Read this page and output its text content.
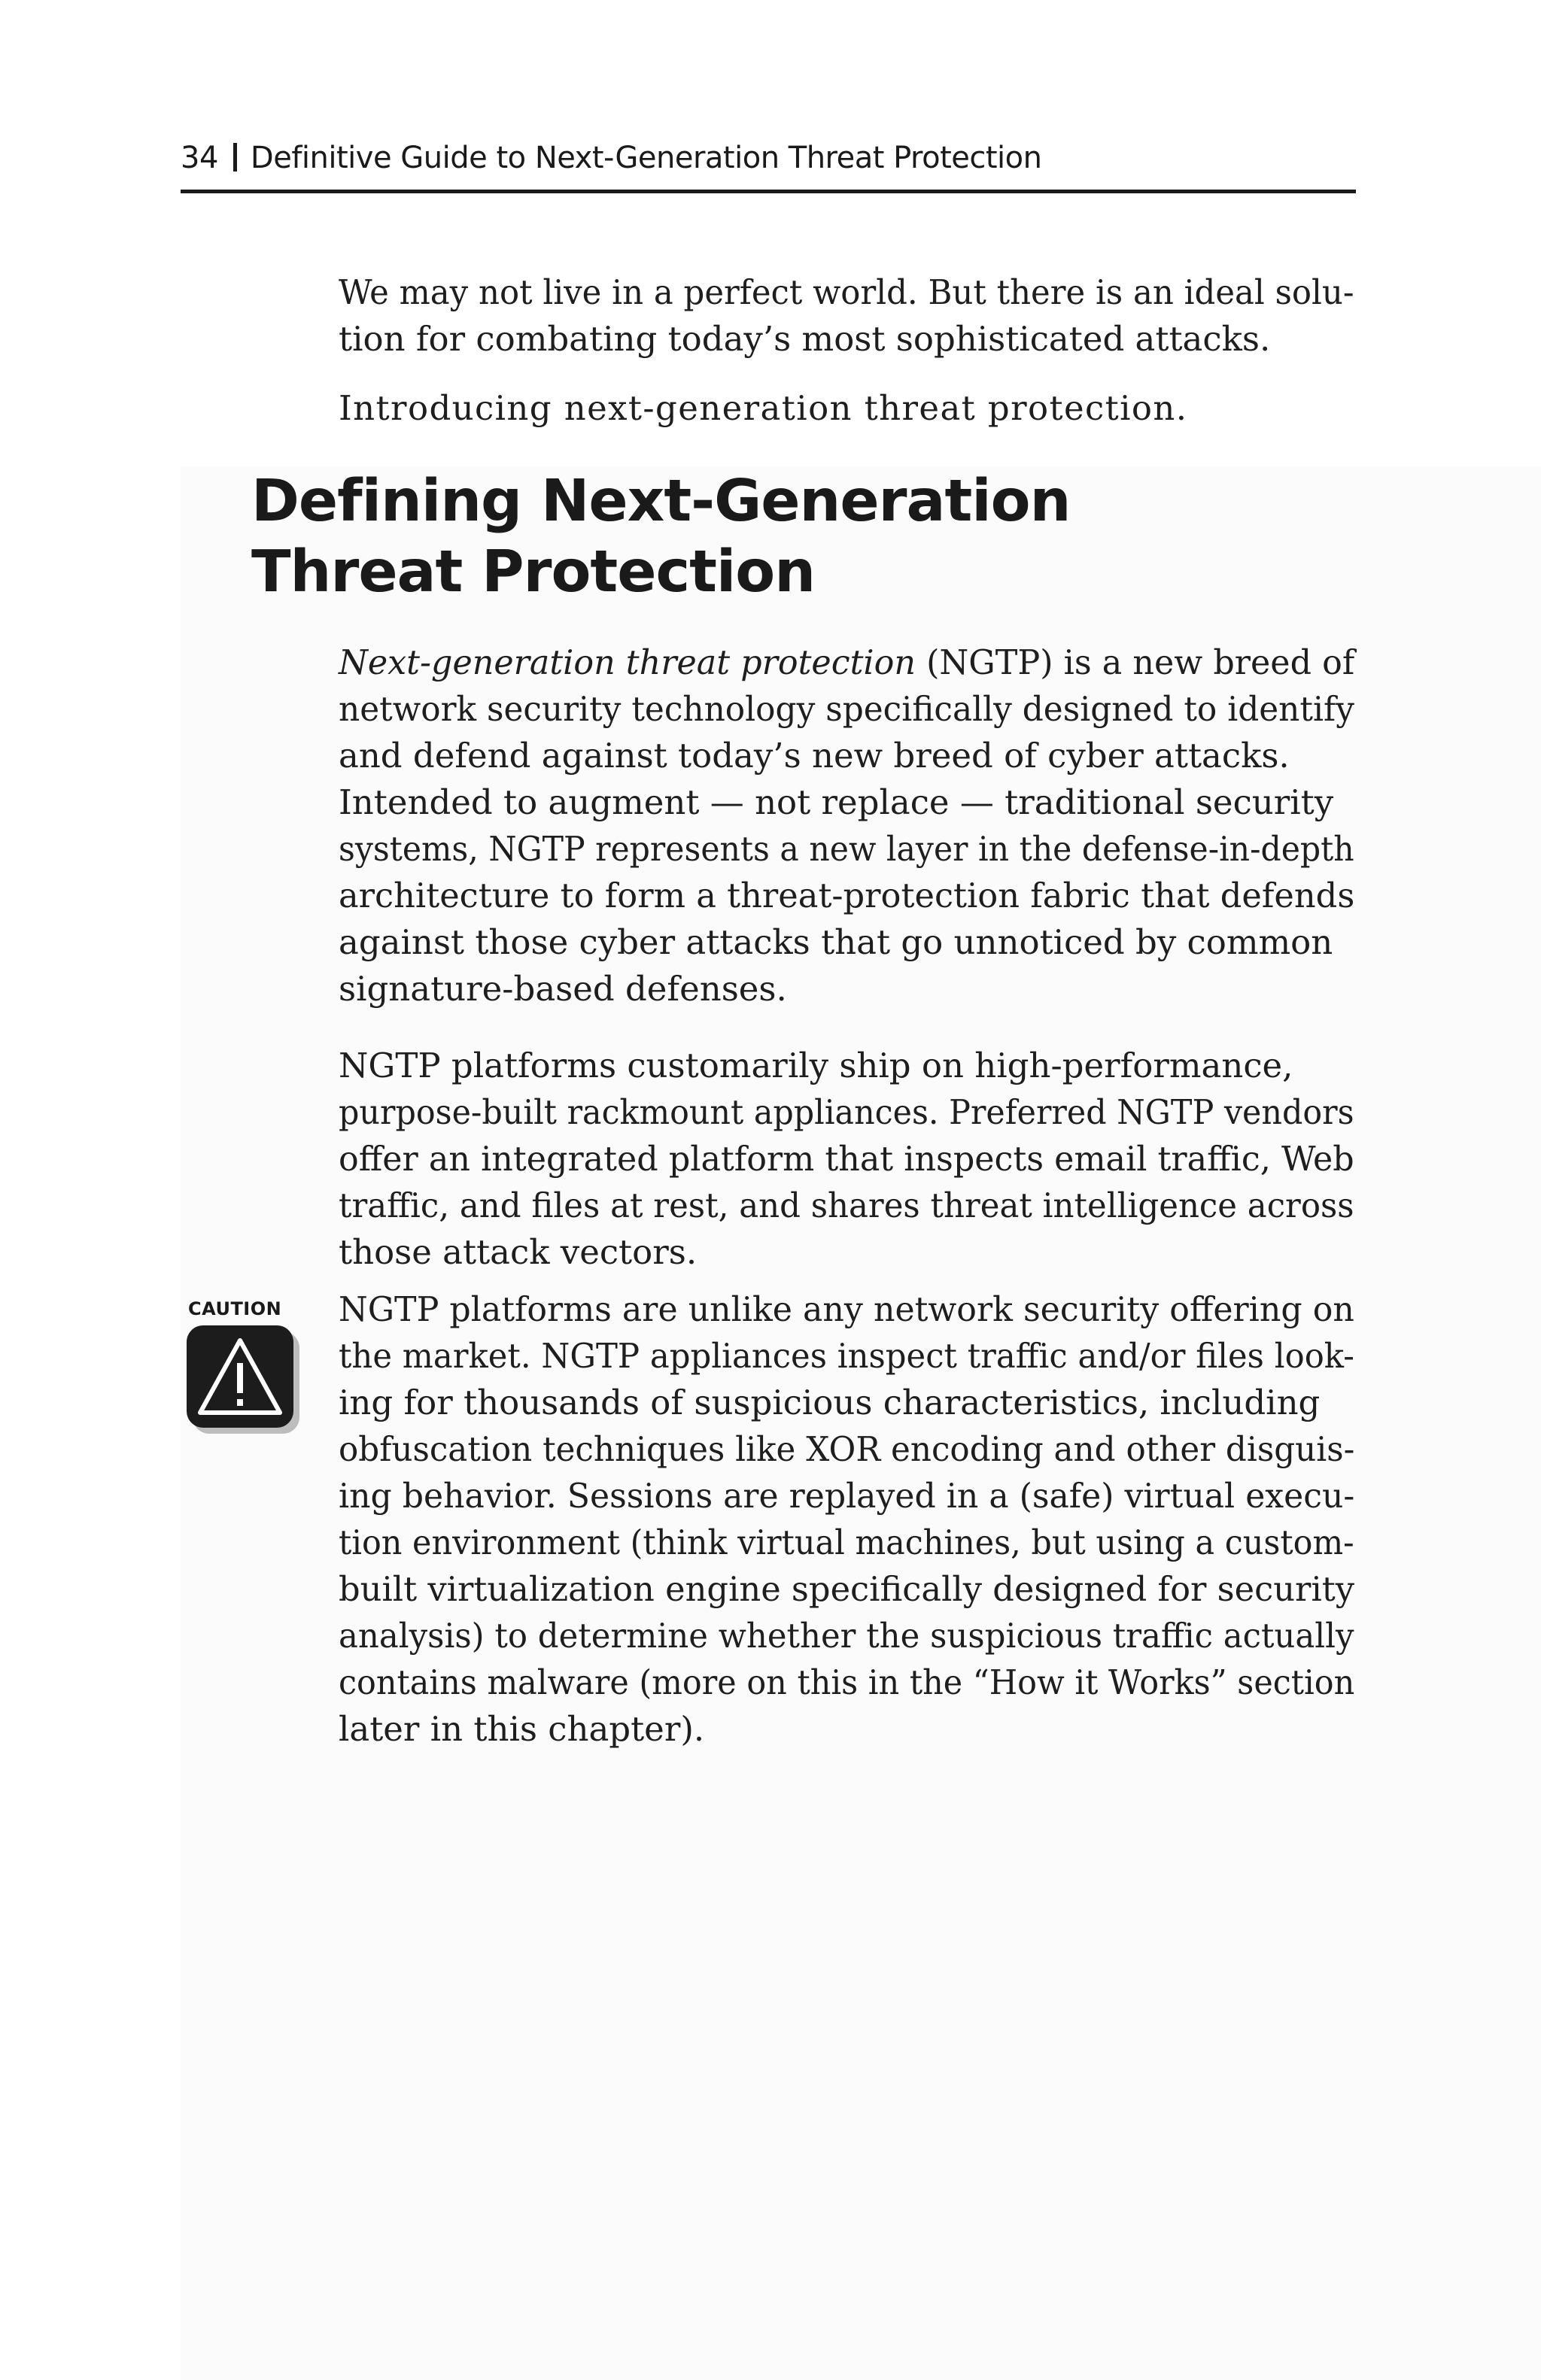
34 Definitive Guide to Next-Generation Threat Protection

We may not live in a perfect world. But there is an ideal solu-

tion for combating today’s most sophisticated attacks.

Introducing next-generation threat protection.

Defining Next-Generation
Threat Protection

Next-generation threat protection (NGTP) is a new breed of

network security technology specifically designed to identify

and defend against today’s new breed of cyber attacks.

Intended to augment — not replace — traditional security

systems, NGTP represents a new layer in the defense-in-depth

architecture to form a threat-protection fabric that defends

against those cyber attacks that go unnoticed by common

signature-based defenses.

NGTP platforms customarily ship on high-performance,

purpose-built rackmount appliances. Preferred NGTP vendors

offer an integrated platform that inspects email traffic, Web

traffic, and files at rest, and shares threat intelligence across

those attack vectors.

CAUTION NGTP platforms are unlike any network security offering on

the market. NGTP appliances inspect traffic and/or files look-

ing for thousands of suspicious characteristics, including

obfuscation techniques like XOR encoding and other disguis-

ing behavior. Sessions are replayed in a (safe) virtual execu-

tion environment (think virtual machines, but using a custom-

built virtualization engine specifically designed for security

analysis) to determine whether the suspicious traffic actually

contains malware (more on this in the “How it Works” section

later in this chapter).
